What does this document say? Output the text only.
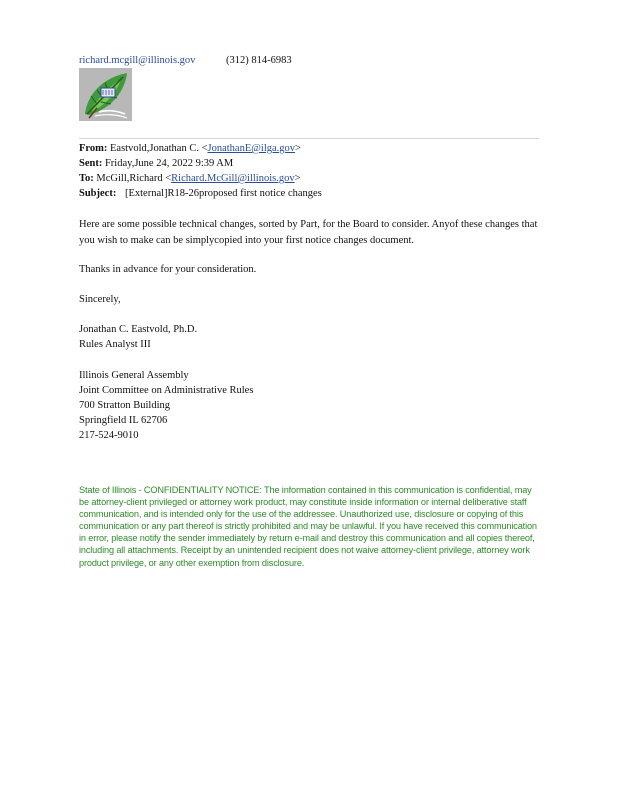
richard.mcgill@illinois.gov	(312) 814-6983
From: Eastvold,Jonathan C. <JonathanE@ilga.gov>
Sent: Friday,June 24, 2022 9:39 AM
To: McGill,Richard <Richard.McGill@illinois.gov>
Subject: [External]R18-26proposed first notice changes
Here are some possible technical changes, sorted by Part, for the Board to consider. Anyof these changes that you wish to make can be simplycopied into your first notice changes document.
Thanks in advance for your consideration.
Sincerely,
Jonathan C. Eastvold, Ph.D.
Rules Analyst III
Illinois General Assembly
Joint Committee on Administrative Rules
700 Stratton Building
Springfield IL 62706
217-524-9010
State of Illinois - CONFIDENTIALITY NOTICE: The information contained in this communication is confidential, may be attorney-client privileged or attorney work product, may constitute inside information or internal deliberative staff communication, and is intended only for the use of the addressee. Unauthorized use, disclosure or copying of this communication or any part thereof is strictly prohibited and may be unlawful. If you have received this communication in error, please notify the sender immediately by return e-mail and destroy this communication and all copies thereof, including all attachments. Receipt by an unintended recipient does not waive attorney-client privilege, attorney work product privilege, or any other exemption from disclosure.
